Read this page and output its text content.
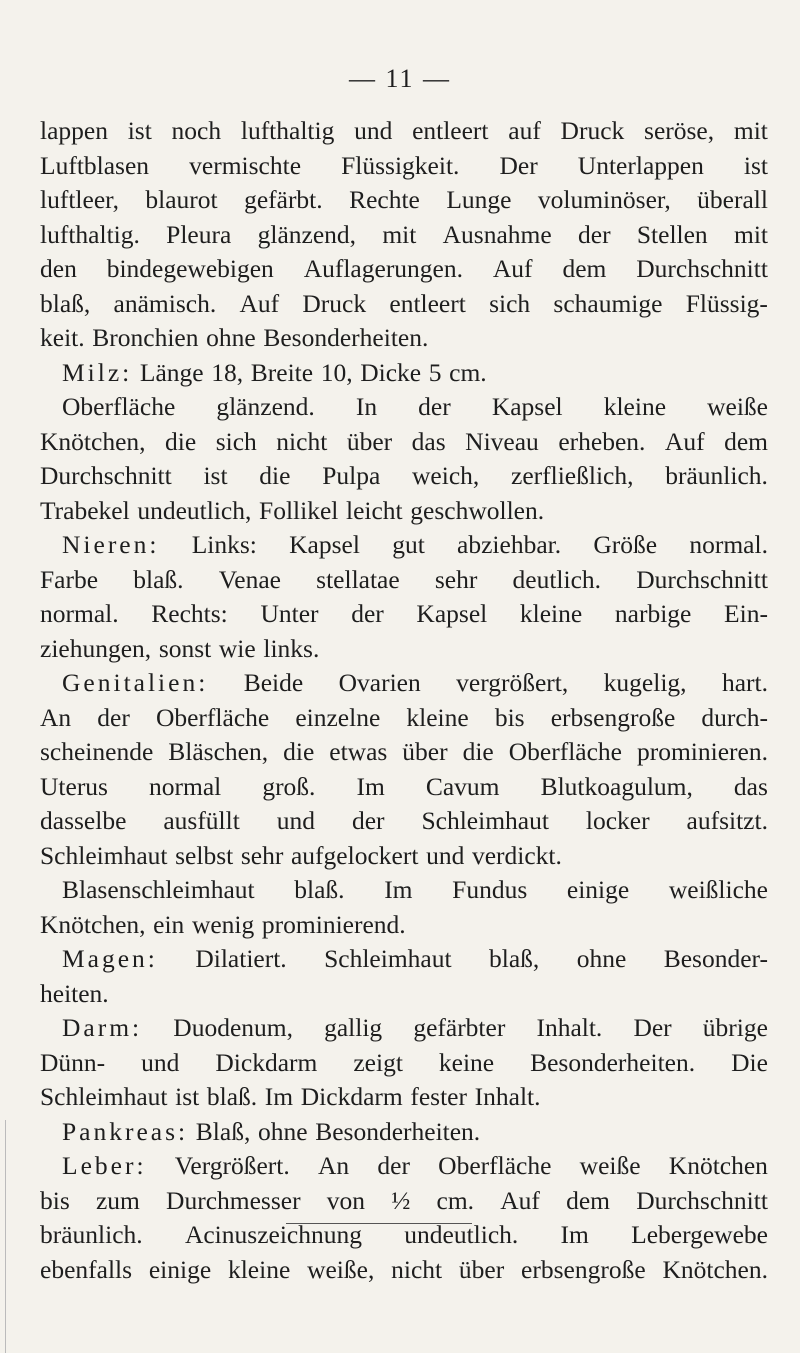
— 11 —
lappen ist noch lufthaltig und entleert auf Druck seröse, mit
Luftblasen vermischte Flüssigkeit. Der Unterlappen ist
luftleer, blaurot gefärbt. Rechte Lunge voluminöser, überall
lufthaltig. Pleura glänzend, mit Ausnahme der Stellen mit
den bindegewebigen Auflagerungen. Auf dem Durchschnitt
blaß, anämisch. Auf Druck entleert sich schaumige Flüssig-
keit. Bronchien ohne Besonderheiten.
Milz: Länge 18, Breite 10, Dicke 5 cm.
Oberfläche glänzend. In der Kapsel kleine weiße
Knötchen, die sich nicht über das Niveau erheben. Auf dem
Durchschnitt ist die Pulpa weich, zerfließlich, bräunlich.
Trabekel undeutlich, Follikel leicht geschwollen.
Nieren: Links: Kapsel gut abziehbar. Größe normal.
Farbe blaß. Venae stellatae sehr deutlich. Durchschnitt
normal. Rechts: Unter der Kapsel kleine narbige Ein-
ziehungen, sonst wie links.
Genitalien: Beide Ovarien vergrößert, kugelig, hart.
An der Oberfläche einzelne kleine bis erbsengroße durch-
scheinende Bläschen, die etwas über die Oberfläche prominieren.
Uterus normal groß. Im Cavum Blutkoagulum, das
dasselbe ausfüllt und der Schleimhaut locker aufsitzt.
Schleimhaut selbst sehr aufgelockert und verdickt.
Blasenschleimhaut blaß. Im Fundus einige weißliche
Knötchen, ein wenig prominierend.
Magen: Dilatiert. Schleimhaut blaß, ohne Besonder-
heiten.
Darm: Duodenum, gallig gefärbter Inhalt. Der übrige
Dünn- und Dickdarm zeigt keine Besonderheiten. Die
Schleimhaut ist blaß. Im Dickdarm fester Inhalt.
Pankreas: Blaß, ohne Besonderheiten.
Leber: Vergrößert. An der Oberfläche weiße Knötchen
bis zum Durchmesser von ½ cm. Auf dem Durchschnitt
bräunlich. Acinuszeichnung undeutlich. Im Lebergewebe
ebenfalls einige kleine weiße, nicht über erbsengroße Knötchen.
